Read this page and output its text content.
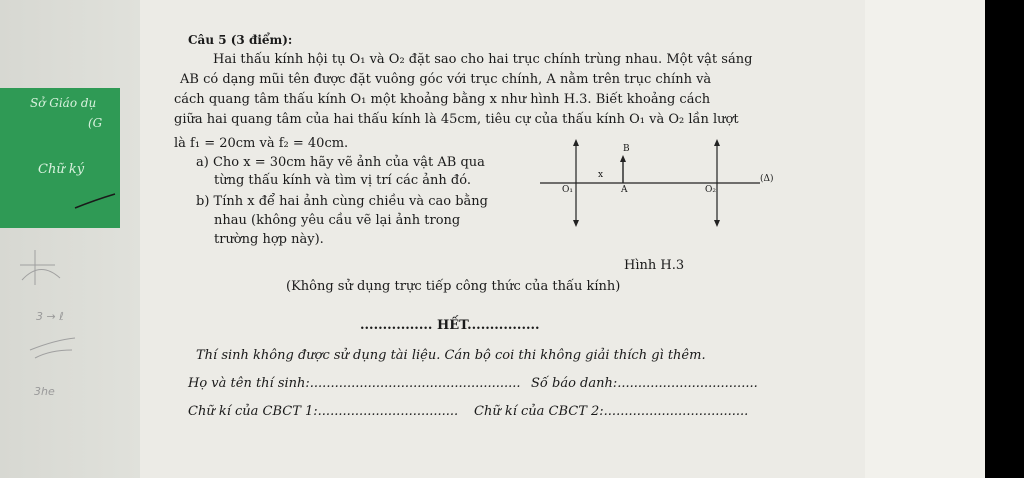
Sở Giáo dụ
(G
Chữ ký
3 → ℓ
3he
Câu 5 (3 điểm):
Hai thấu kính hội tụ O₁ và O₂ đặt sao cho hai trục chính trùng nhau. Một vật sáng
AB có dạng mũi tên được đặt vuông góc với trục chính, A nằm trên trục chính và
cách quang tâm thấu kính O₁ một khoảng bằng x như hình H.3. Biết khoảng cách
giữa hai quang tâm của hai thấu kính là 45cm, tiêu cự của thấu kính O₁ và O₂ lần lượt
là f₁ = 20cm và f₂ = 40cm.
a) Cho x = 30cm hãy vẽ ảnh của vật AB qua
từng thấu kính và tìm vị trí các ảnh đó.
b) Tính x để hai ảnh cùng chiều và cao bằng
nhau (không yêu cầu vẽ lại ảnh trong
trường hợp này).
B
x
O₁	A	O₂
(Δ)
Hình H.3
(Không sử dụng trực tiếp công thức của thấu kính)
................ HẾT................
Thí sinh không được sử dụng tài liệu. Cán bộ coi thi không giải thích gì thêm.
Họ và tên thí sinh:................................................... Số báo danh:..................................
Chữ kí của CBCT 1:.................................. Chữ kí của CBCT 2:...................................
